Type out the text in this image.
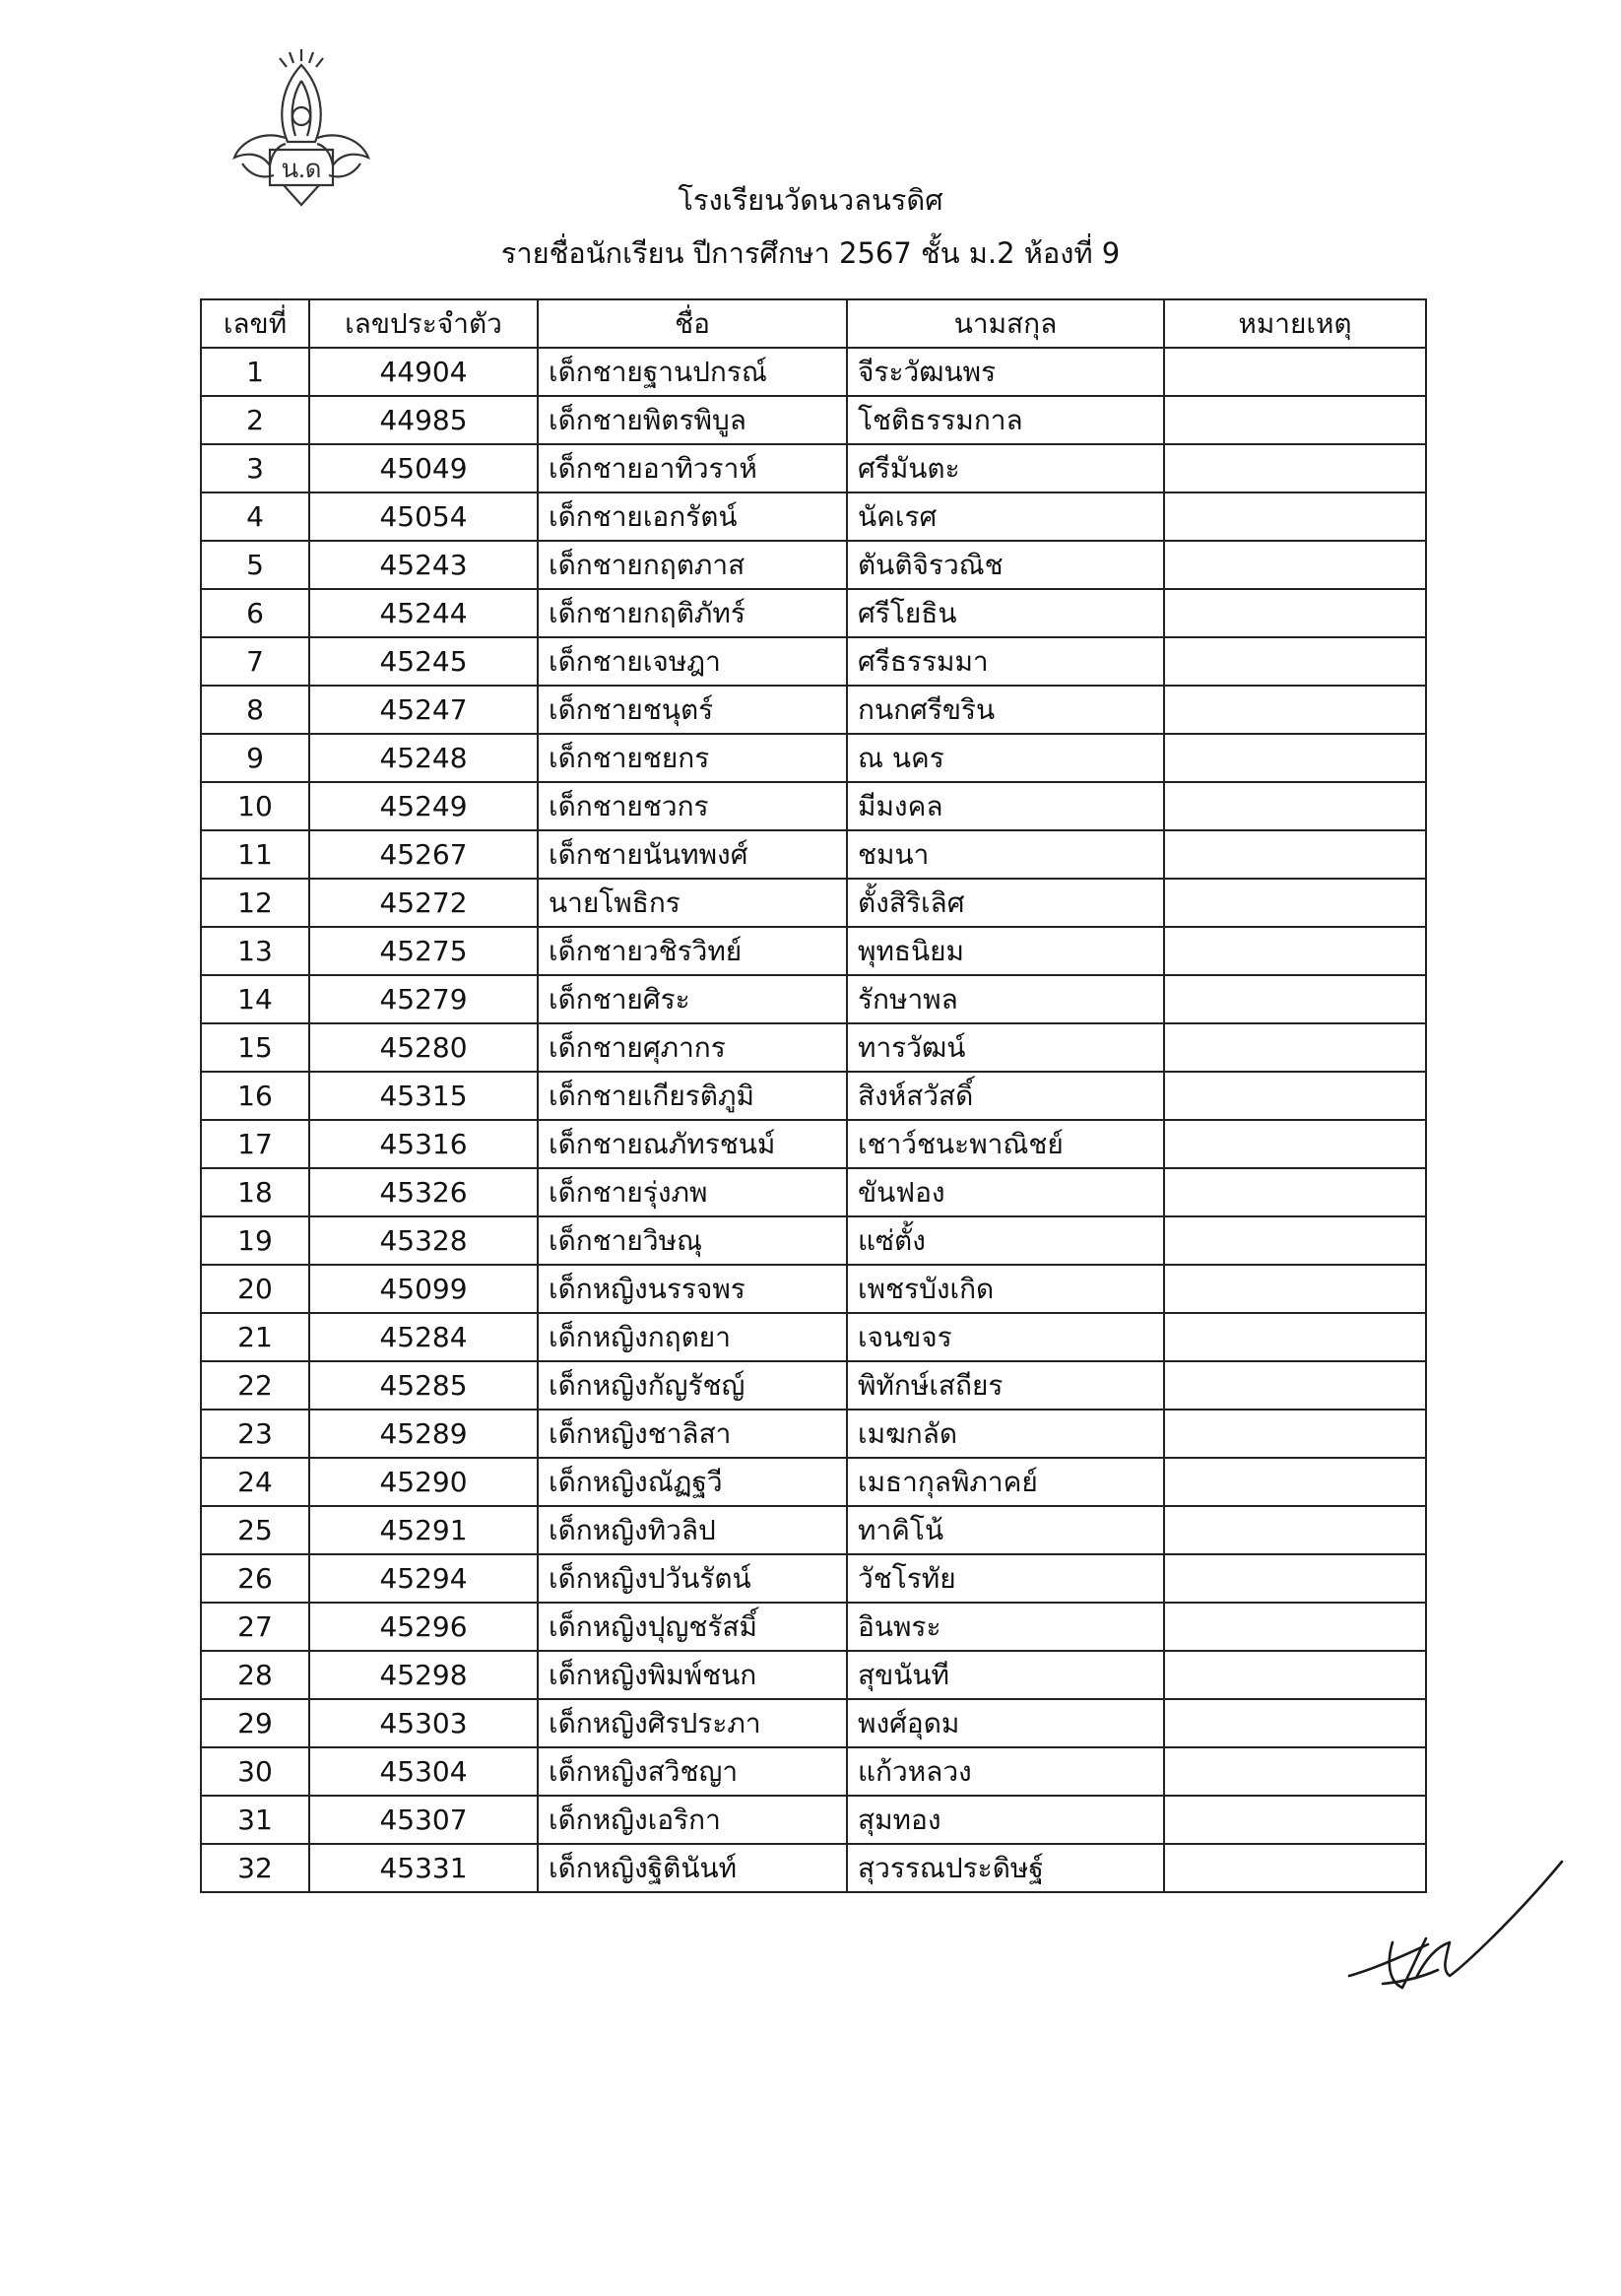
น.ด
โรงเรียนวัดนวลนรดิศ
รายชื่อนักเรียน ปีการศึกษา 2567 ชั้น ม.2 ห้องที่ 9
เลขที่	เลขประจำตัว	ชื่อ	นามสกุล	หมายเหตุ
1	44904	เด็กชายฐานปกรณ์	จีระวัฒนพร	
2	44985	เด็กชายพิตรพิบูล	โชติธรรมกาล	
3	45049	เด็กชายอาทิวราห์	ศรีมันตะ	
4	45054	เด็กชายเอกรัตน์	นัคเรศ	
5	45243	เด็กชายกฤตภาส	ตันติจิรวณิช	
6	45244	เด็กชายกฤติภัทร์	ศรีโยธิน	
7	45245	เด็กชายเจษฎา	ศรีธรรมมา	
8	45247	เด็กชายชนุตร์	กนกศรีขริน	
9	45248	เด็กชายชยกร	ณ นคร	
10	45249	เด็กชายชวกร	มีมงคล	
11	45267	เด็กชายนันทพงศ์	ชมนา	
12	45272	นายโพธิกร	ตั้งสิริเลิศ	
13	45275	เด็กชายวชิรวิทย์	พุทธนิยม	
14	45279	เด็กชายศิระ	รักษาพล	
15	45280	เด็กชายศุภากร	ทารวัฒน์	
16	45315	เด็กชายเกียรติภูมิ	สิงห์สวัสดิ์	
17	45316	เด็กชายณภัทรชนม์	เชาว์ชนะพาณิชย์	
18	45326	เด็กชายรุ่งภพ	ขันฟอง	
19	45328	เด็กชายวิษณุ	แซ่ตั้ง	
20	45099	เด็กหญิงนรรจพร	เพชรบังเกิด	
21	45284	เด็กหญิงกฤตยา	เจนขจร	
22	45285	เด็กหญิงกัญรัชญ์	พิทักษ์เสถียร	
23	45289	เด็กหญิงชาลิสา	เมฆกลัด	
24	45290	เด็กหญิงณัฏฐวี	เมธากุลพิภาคย์	
25	45291	เด็กหญิงทิวลิป	ทาคิโน้	
26	45294	เด็กหญิงปวันรัตน์	วัชโรทัย	
27	45296	เด็กหญิงปุญชรัสมิ์	อินพระ	
28	45298	เด็กหญิงพิมพ์ชนก	สุขนันที	
29	45303	เด็กหญิงศิรประภา	พงศ์อุดม	
30	45304	เด็กหญิงสวิชญา	แก้วหลวง	
31	45307	เด็กหญิงเอริกา	สุมทอง	
32	45331	เด็กหญิงฐิตินันท์	สุวรรณประดิษฐ์	
